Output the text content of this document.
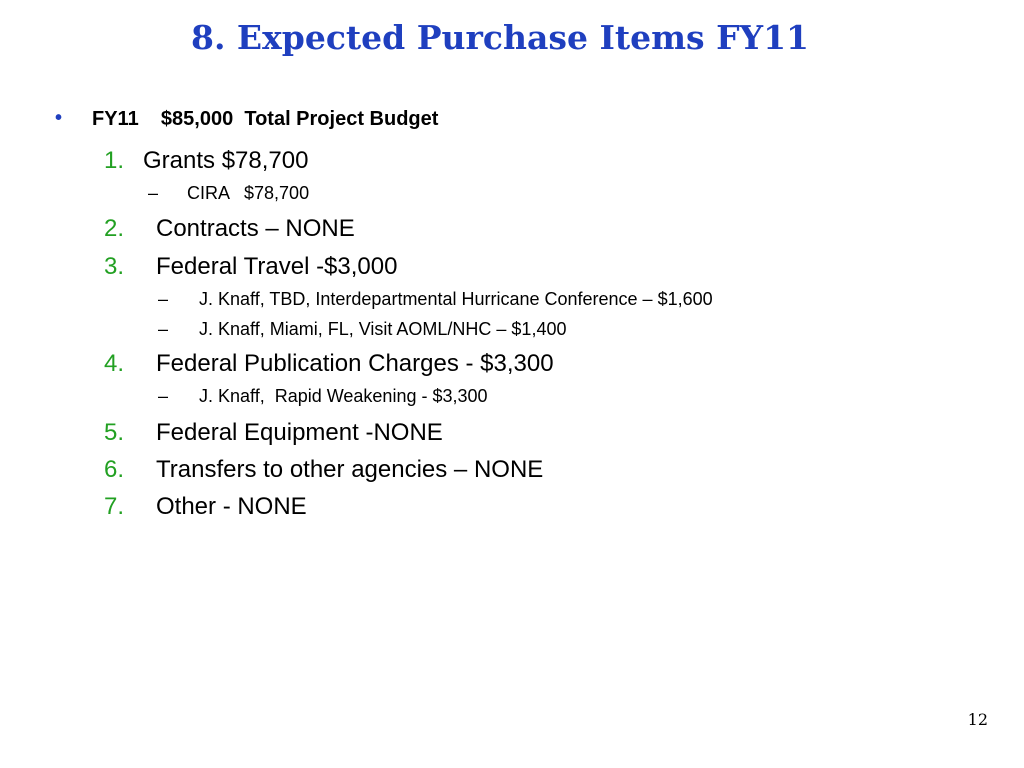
8. Expected Purchase Items FY11
• FY11    $85,000  Total Project Budget
1. Grants $78,700
– CIRA   $78,700
2. Contracts – NONE
3. Federal Travel -$3,000
– J. Knaff, TBD, Interdepartmental Hurricane Conference – $1,600
– J. Knaff, Miami, FL, Visit AOML/NHC – $1,400
4. Federal Publication Charges - $3,300
– J. Knaff,  Rapid Weakening - $3,300
5. Federal Equipment -NONE
6. Transfers to other agencies – NONE
7. Other - NONE
12
